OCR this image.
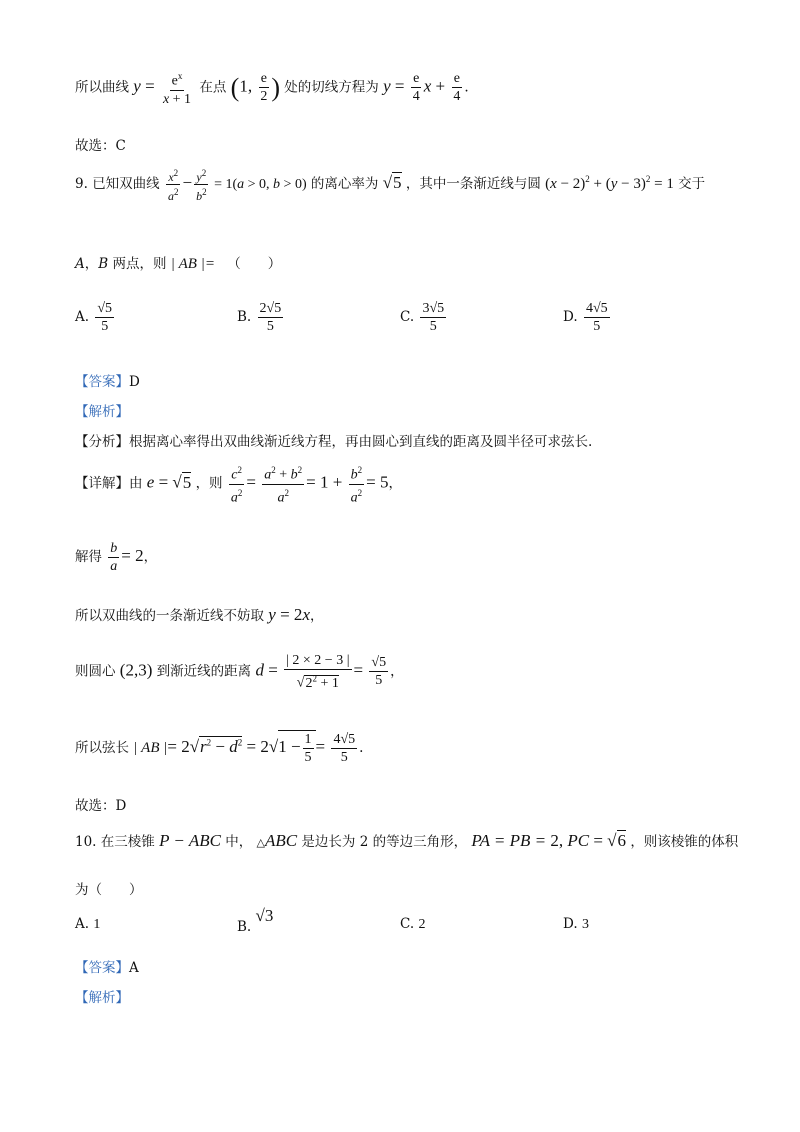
所以曲线 $y = \frac{e^x}{x + 1}$ 在点 (1, $\frac{e}{2}$ ) 处的切线方程为 $y = \frac{e}{4}$ $x + \frac{e}{4}$ .
故选：C
9. 已知双曲线 $\frac{x^2}{a^2} - \frac{y^2}{b^2} = 1(a > 0$, b > 0) 的离心率为 √5 ，其中一条渐近线与圆 $(x - 2)^2 + (y - 3)^2 = 1$ 交于
A，B 两点，则 | AB |= （　　）
A. $\frac{√5}{5}$	B. $\frac{2√5}{5}$	C. $\frac{3√5}{5}$	D. $\frac{4√5}{5}$
【答案】D
【解析】
【分析】根据离心率得出双曲线渐近线方程，再由圆心到直线的距离及圆半径可求弦长.
【详解】由 e = √5 ，则 $\frac{c^2}{a^2} = \frac{a^2 + b^2}{a^2} = 1 + \frac{b^2}{a^2} = 5$，
解得 $\frac{b}{a} = 2$，
所以双曲线的一条渐近线不妨取 y = 2x，
则圆心 (2,3) 到渐近线的距离 $d = \frac{| 2 \times 2 - 3 |}{√2^2 + 1} = \frac{√5}{5}$ ，
所以弦长 | AB |= $2√r^2 - d^2 = 2√1 - \frac{1}{5} = \frac{4√5}{5}$ .
故选：D
10. 在三棱锥 P − ABC 中， △ABC 是边长为 2 的等边三角形， PA = PB = 2, PC = √6 ，则该棱锥的体积
为（　　）
A. 1	B. √3	C. 2	D. 3
【答案】A
【解析】
